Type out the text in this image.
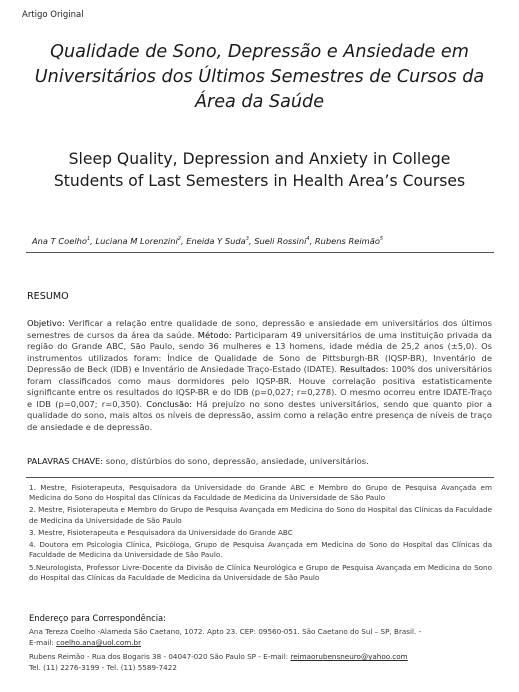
Artigo Original
Qualidade de Sono, Depressão e Ansiedade em
Universitários dos Últimos Semestres de Cursos da
Área da Saúde
Sleep Quality, Depression and Anxiety in College
Students of Last Semesters in Health Area’s Courses
Ana T Coelho$^1$, Luciana M Lorenzini$^2$, Eneida Y Suda$^3$, Sueli Rossini$^4$, Rubens Reimão$^5$
RESUMO
Objetivo: Verificar a relação entre qualidade de sono, depressão e ansiedade em universitários dos últimos semestres de cursos da área da saúde. Método: Participaram 49 universitários de uma instituição privada da região do Grande ABC, São Paulo, sendo 36 mulheres e 13 homens, idade média de 25,2 anos (±5,0). Os instrumentos utilizados foram: Índice de Qualidade de Sono de Pittsburgh-BR (IQSP-BR), Inventário de Depressão de Beck (IDB) e Inventário de Ansiedade Traço-Estado (IDATE). Resultados: 100% dos universitários foram classificados como maus dormidores pelo IQSP-BR. Houve correlação positiva estatisticamente significante entre os resultados do IQSP-BR e do IDB (p=0,027; r=0,278). O mesmo ocorreu entre IDATE-Traço e IDB (p=0,007; r=0,350). Conclusão: Há prejuízo no sono destes universitários, sendo que quanto pior a qualidade do sono, mais altos os níveis de depressão, assim como a relação entre presença de níveis de traço de ansiedade e de depressão.
PALAVRAS CHAVE: sono, distúrbios do sono, depressão, ansiedade, universitários.
1. Mestre, Fisioterapeuta, Pesquisadora da Universidade do Grande ABC e Membro do Grupo de Pesquisa Avançada em Medicina do Sono do Hospital das Clínicas da Faculdade de Medicina da Universidade de São Paulo
2. Mestre, Fisioterapeuta e Membro do Grupo de Pesquisa Avançada em Medicina do Sono do Hospital das Clínicas da Faculdade de Medicina da Universidade de São Paulo
3. Mestre, Fisioterapeuta e Pesquisadora da Universidade do Grande ABC
4. Doutora em Psicologia Clínica, Psicóloga, Grupo de Pesquisa Avançada em Medicina do Sono do Hospital das Clínicas da Faculdade de Medicina da Universidade de São Paulo.
5.Neurologista, Professor Livre-Docente da Divisão de Clínica Neurológica e Grupo de Pesquisa Avançada em Medicina do Sono do Hospital das Clínicas da Faculdade de Medicina da Universidade de São Paulo
Endereço para Correspondência:
Ana Tereza Coelho -Alameda São Caetano, 1072. Apto 23. CEP: 09560-051. São Caetano do Sul – SP, Brasil. -
E-mail: coelho.ana@uol.com.br
Rubens Reimão - Rua dos Bogaris 38 - 04047-020 São Paulo SP - E-mail: reimaorubensneuro@yahoo.com
Tel. (11) 2276-3199 - Tel. (11) 5589-7422
